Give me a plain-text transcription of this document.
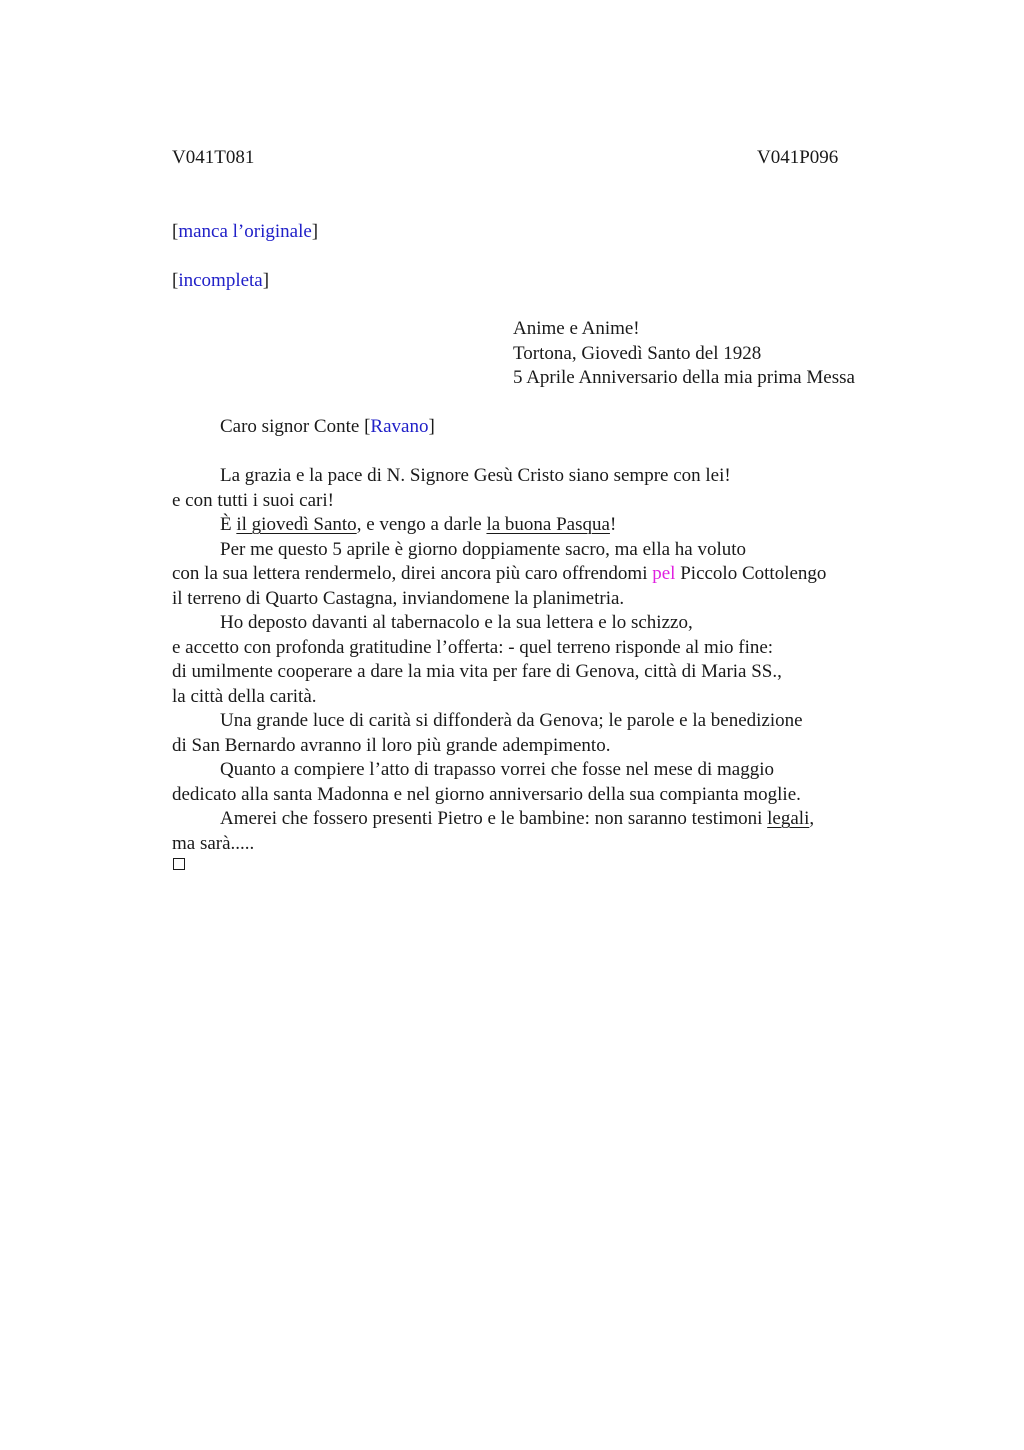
V041T081	V041P096
[manca l’originale]
[incompleta]
Anime e Anime!
Tortona, Giovedì Santo del 1928
5 Aprile Anniversario della mia prima Messa
Caro signor Conte [Ravano]
La grazia e la pace di N. Signore Gesù Cristo siano sempre con lei!
e con tutti i suoi cari!
È il giovedì Santo, e vengo a darle la buona Pasqua!
Per me questo 5 aprile è giorno doppiamente sacro, ma ella ha voluto
con la sua lettera rendermelo, direi ancora più caro offrendomi pel Piccolo Cottolengo
il terreno di Quarto Castagna, inviandomene la planimetria.
Ho deposto davanti al tabernacolo e la sua lettera e lo schizzo,
e accetto con profonda gratitudine l’offerta: - quel terreno risponde al mio fine:
di umilmente cooperare a dare la mia vita per fare di Genova, città di Maria SS.,
la città della carità.
Una grande luce di carità si diffonderà da Genova; le parole e la benedizione
di San Bernardo avranno il loro più grande adempimento.
Quanto a compiere l’atto di trapasso vorrei che fosse nel mese di maggio
dedicato alla santa Madonna e nel giorno anniversario della sua compianta moglie.
Amerei che fossero presenti Pietro e le bambine: non saranno testimoni legali,
ma sarà.....
